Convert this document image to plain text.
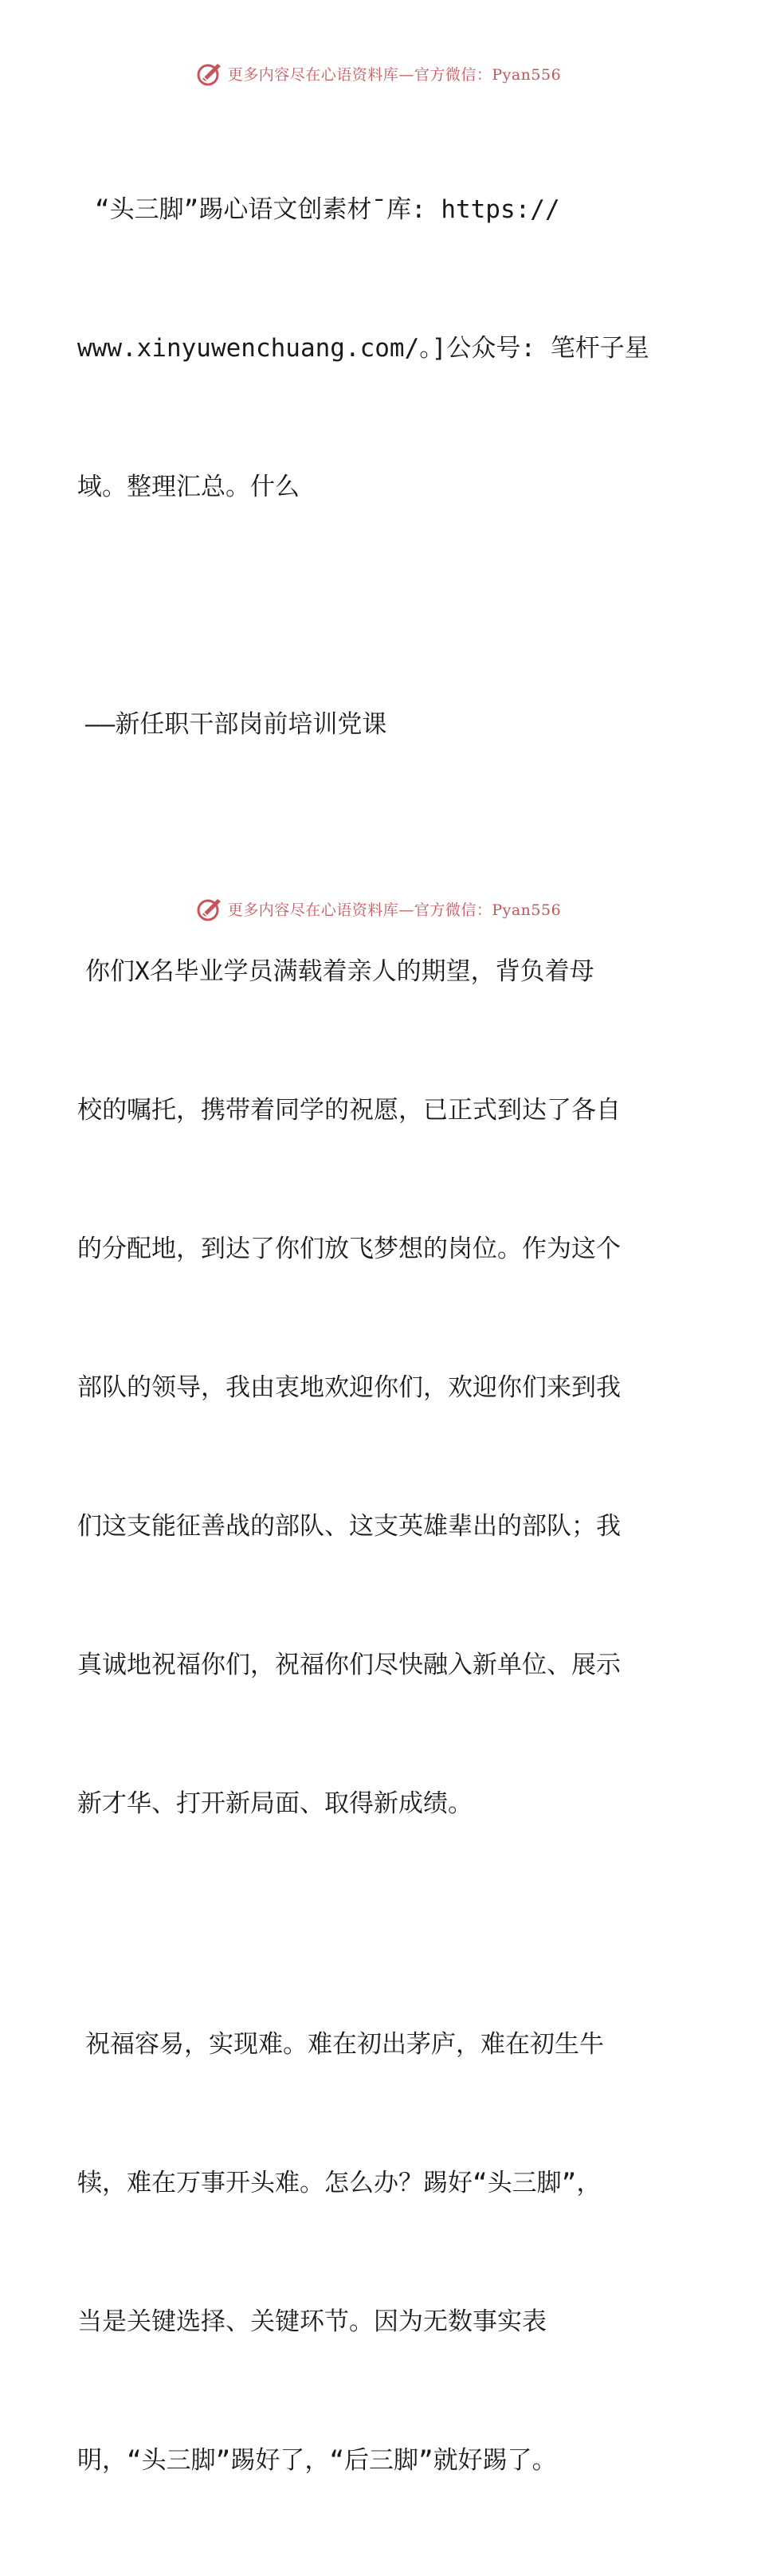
更多内容尽在心语资料库—官方微信：Pyan556

“头三脚”踢心语文创素材¯库: https://

www.xinyuwenchuang.com/。]公众号: 笔杆子星

域。整理汇总。什么

——新任职干部岗前培训党课

你们X名毕业学员满载着亲人的期望，背负着母

校的嘱托，携带着同学的祝愿，已正式到达了各自

的分配地，到达了你们放飞梦想的岗位。作为这个

部队的领导，我由衷地欢迎你们，欢迎你们来到我

们这支能征善战的部队、这支英雄辈出的部队；我

真诚地祝福你们，祝福你们尽快融入新单位、展示

新才华、打开新局面、取得新成绩。

祝福容易，实现难。难在初出茅庐，难在初生牛

犊，难在万事开头难。怎么办？踢好“头三脚”，

当是关键选择、关键环节。因为无数事实表

明，“头三脚”踢好了，“后三脚”就好踢了。

更多内容尽在心语资料库—官方微信：Pyan556
